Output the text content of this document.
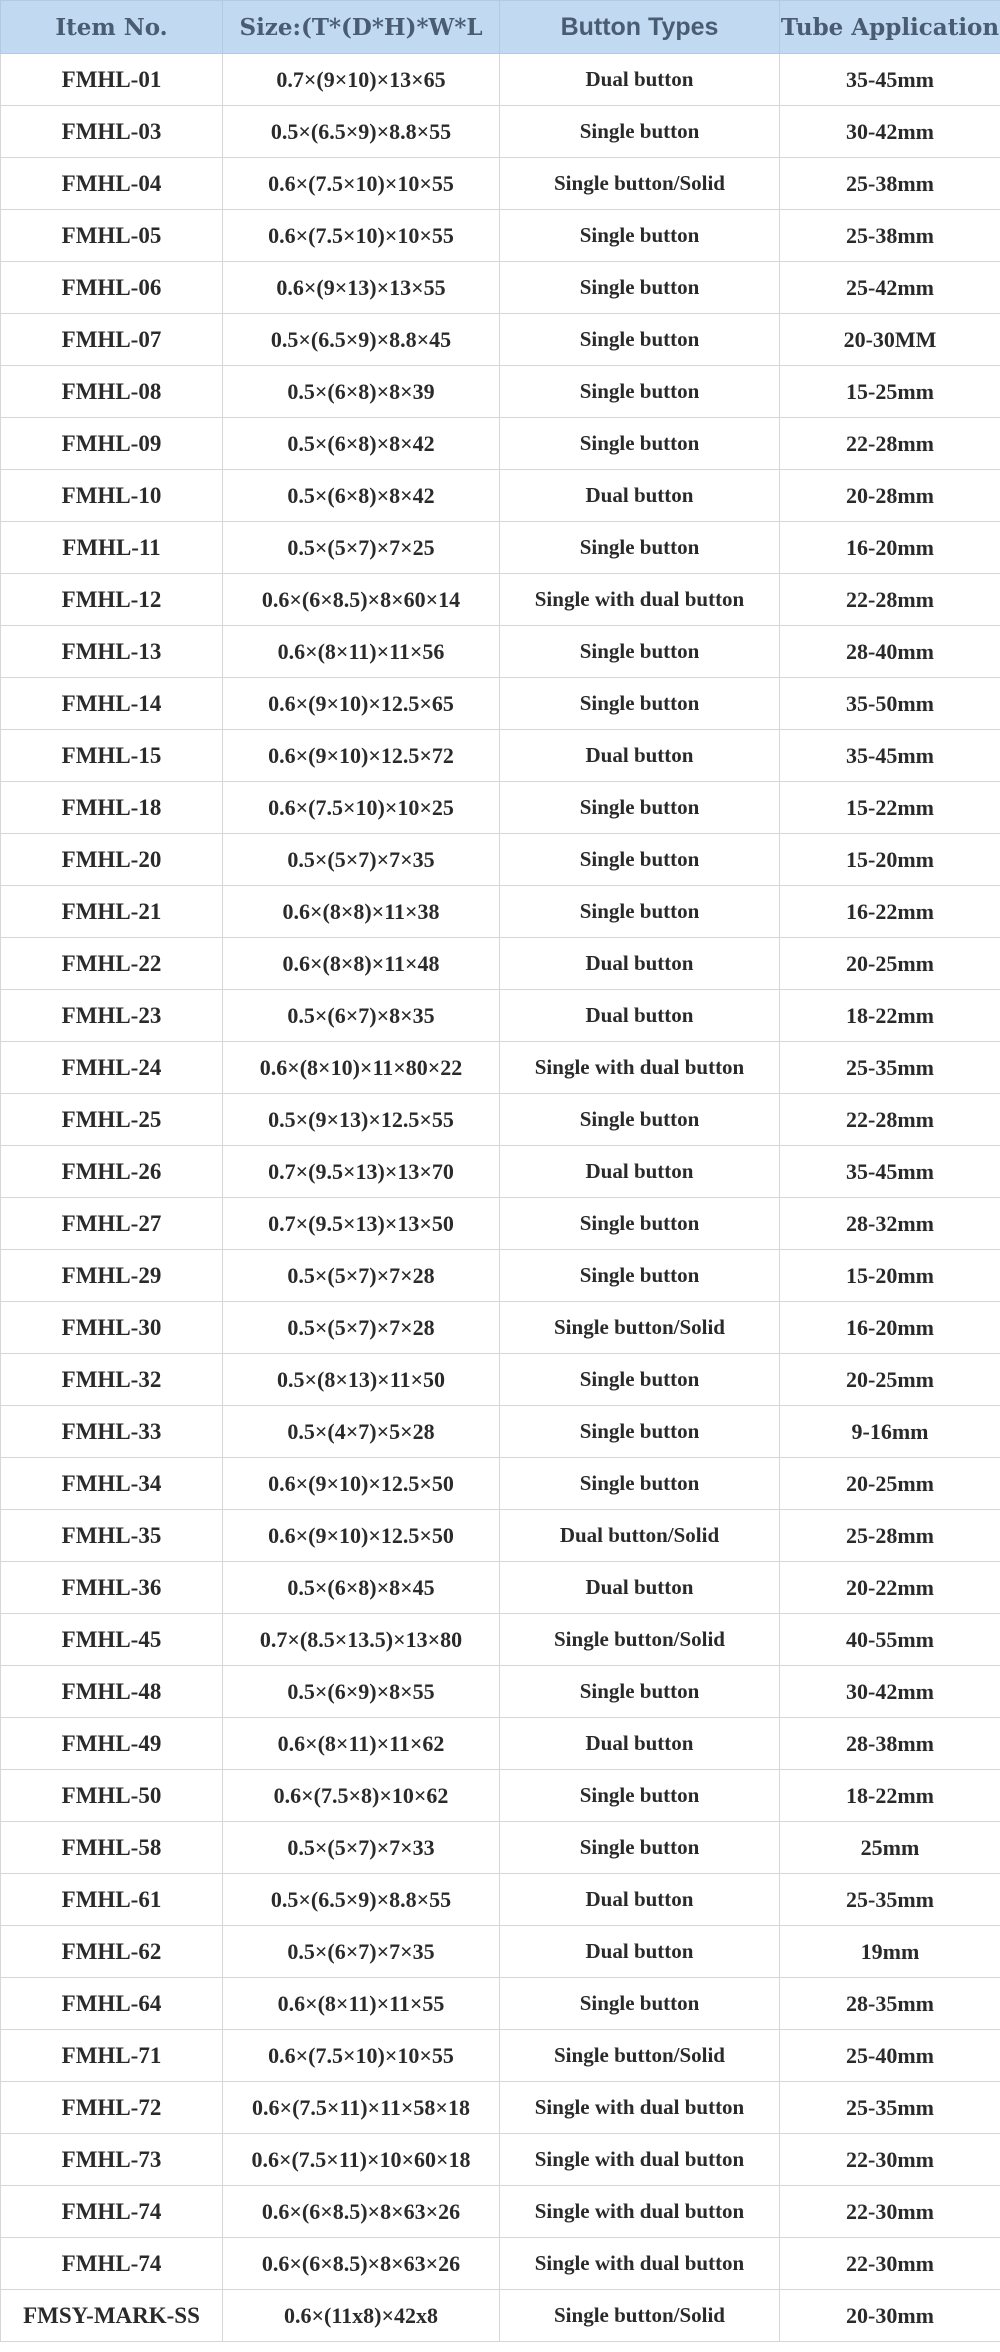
Item No.	Size:(T*(D*H)*W*L	Button Types	Tube Application
FMHL-01	0.7×(9×10)×13×65	Dual button	35-45mm
FMHL-03	0.5×(6.5×9)×8.8×55	Single button	30-42mm
FMHL-04	0.6×(7.5×10)×10×55	Single button/Solid	25-38mm
FMHL-05	0.6×(7.5×10)×10×55	Single button	25-38mm
FMHL-06	0.6×(9×13)×13×55	Single button	25-42mm
FMHL-07	0.5×(6.5×9)×8.8×45	Single button	20-30MM
FMHL-08	0.5×(6×8)×8×39	Single button	15-25mm
FMHL-09	0.5×(6×8)×8×42	Single button	22-28mm
FMHL-10	0.5×(6×8)×8×42	Dual button	20-28mm
FMHL-11	0.5×(5×7)×7×25	Single button	16-20mm
FMHL-12	0.6×(6×8.5)×8×60×14	Single with dual button	22-28mm
FMHL-13	0.6×(8×11)×11×56	Single button	28-40mm
FMHL-14	0.6×(9×10)×12.5×65	Single button	35-50mm
FMHL-15	0.6×(9×10)×12.5×72	Dual button	35-45mm
FMHL-18	0.6×(7.5×10)×10×25	Single button	15-22mm
FMHL-20	0.5×(5×7)×7×35	Single button	15-20mm
FMHL-21	0.6×(8×8)×11×38	Single button	16-22mm
FMHL-22	0.6×(8×8)×11×48	Dual button	20-25mm
FMHL-23	0.5×(6×7)×8×35	Dual button	18-22mm
FMHL-24	0.6×(8×10)×11×80×22	Single with dual button	25-35mm
FMHL-25	0.5×(9×13)×12.5×55	Single button	22-28mm
FMHL-26	0.7×(9.5×13)×13×70	Dual button	35-45mm
FMHL-27	0.7×(9.5×13)×13×50	Single button	28-32mm
FMHL-29	0.5×(5×7)×7×28	Single button	15-20mm
FMHL-30	0.5×(5×7)×7×28	Single button/Solid	16-20mm
FMHL-32	0.5×(8×13)×11×50	Single button	20-25mm
FMHL-33	0.5×(4×7)×5×28	Single button	9-16mm
FMHL-34	0.6×(9×10)×12.5×50	Single button	20-25mm
FMHL-35	0.6×(9×10)×12.5×50	Dual button/Solid	25-28mm
FMHL-36	0.5×(6×8)×8×45	Dual button	20-22mm
FMHL-45	0.7×(8.5×13.5)×13×80	Single button/Solid	40-55mm
FMHL-48	0.5×(6×9)×8×55	Single button	30-42mm
FMHL-49	0.6×(8×11)×11×62	Dual button	28-38mm
FMHL-50	0.6×(7.5×8)×10×62	Single button	18-22mm
FMHL-58	0.5×(5×7)×7×33	Single button	25mm
FMHL-61	0.5×(6.5×9)×8.8×55	Dual button	25-35mm
FMHL-62	0.5×(6×7)×7×35	Dual button	19mm
FMHL-64	0.6×(8×11)×11×55	Single button	28-35mm
FMHL-71	0.6×(7.5×10)×10×55	Single button/Solid	25-40mm
FMHL-72	0.6×(7.5×11)×11×58×18	Single with dual button	25-35mm
FMHL-73	0.6×(7.5×11)×10×60×18	Single with dual button	22-30mm
FMHL-74	0.6×(6×8.5)×8×63×26	Single with dual button	22-30mm
FMHL-74	0.6×(6×8.5)×8×63×26	Single with dual button	22-30mm
FMSY-MARK-SS	0.6×(11x8)×42x8	Single button/Solid	20-30mm
